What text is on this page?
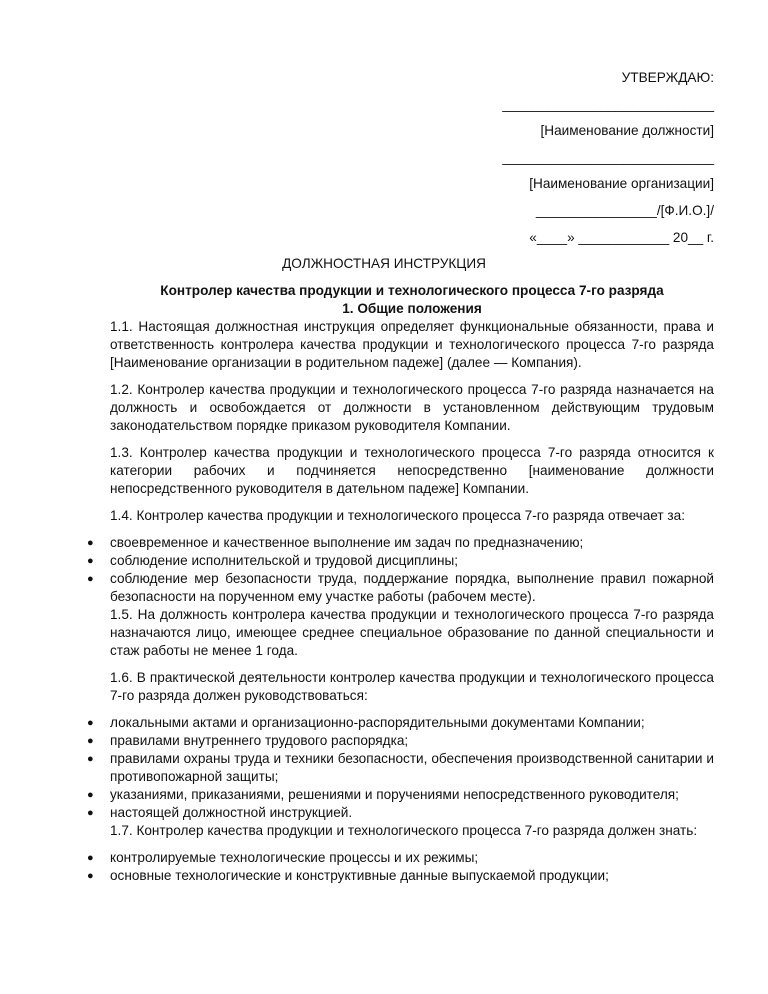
УТВЕРЖДАЮ:
____________________________
[Наименование должности]
____________________________
[Наименование организации]
________________/[Ф.И.О.]/
«____» ____________ 20__ г.
ДОЛЖНОСТНАЯ ИНСТРУКЦИЯ
Контролер качества продукции и технологического процесса 7-го разряда
1. Общие положения

1.1. Настоящая должностная инструкция определяет функциональные обязанности, права и ответственность контролера качества продукции и технологического процесса 7-го разряда [Наименование организации в родительном падеже] (далее — Компания).

1.2. Контролер качества продукции и технологического процесса 7-го разряда назначается на должность и освобождается от должности в установленном действующим трудовым законодательством порядке приказом руководителя Компании.

1.3. Контролер качества продукции и технологического процесса 7-го разряда относится к категории рабочих и подчиняется непосредственно [наименование должности непосредственного руководителя в дательном падеже] Компании.

1.4. Контролер качества продукции и технологического процесса 7-го разряда отвечает за:

● своевременное и качественное выполнение им задач по предназначению;
● соблюдение исполнительской и трудовой дисциплины;
● соблюдение мер безопасности труда, поддержание порядка, выполнение правил пожарной безопасности на порученном ему участке работы (рабочем месте).

1.5. На должность контролера качества продукции и технологического процесса 7-го разряда назначаются лицо, имеющее среднее специальное образование по данной специальности и стаж работы не менее 1 года.

1.6. В практической деятельности контролер качества продукции и технологического процесса 7-го разряда должен руководствоваться:

● локальными актами и организационно-распорядительными документами Компании;
● правилами внутреннего трудового распорядка;
● правилами охраны труда и техники безопасности, обеспечения производственной санитарии и противопожарной защиты;
● указаниями, приказаниями, решениями и поручениями непосредственного руководителя;
● настоящей должностной инструкцией.

1.7. Контролер качества продукции и технологического процесса 7-го разряда должен знать:

● контролируемые технологические процессы и их режимы;
● основные технологические и конструктивные данные выпускаемой продукции;
